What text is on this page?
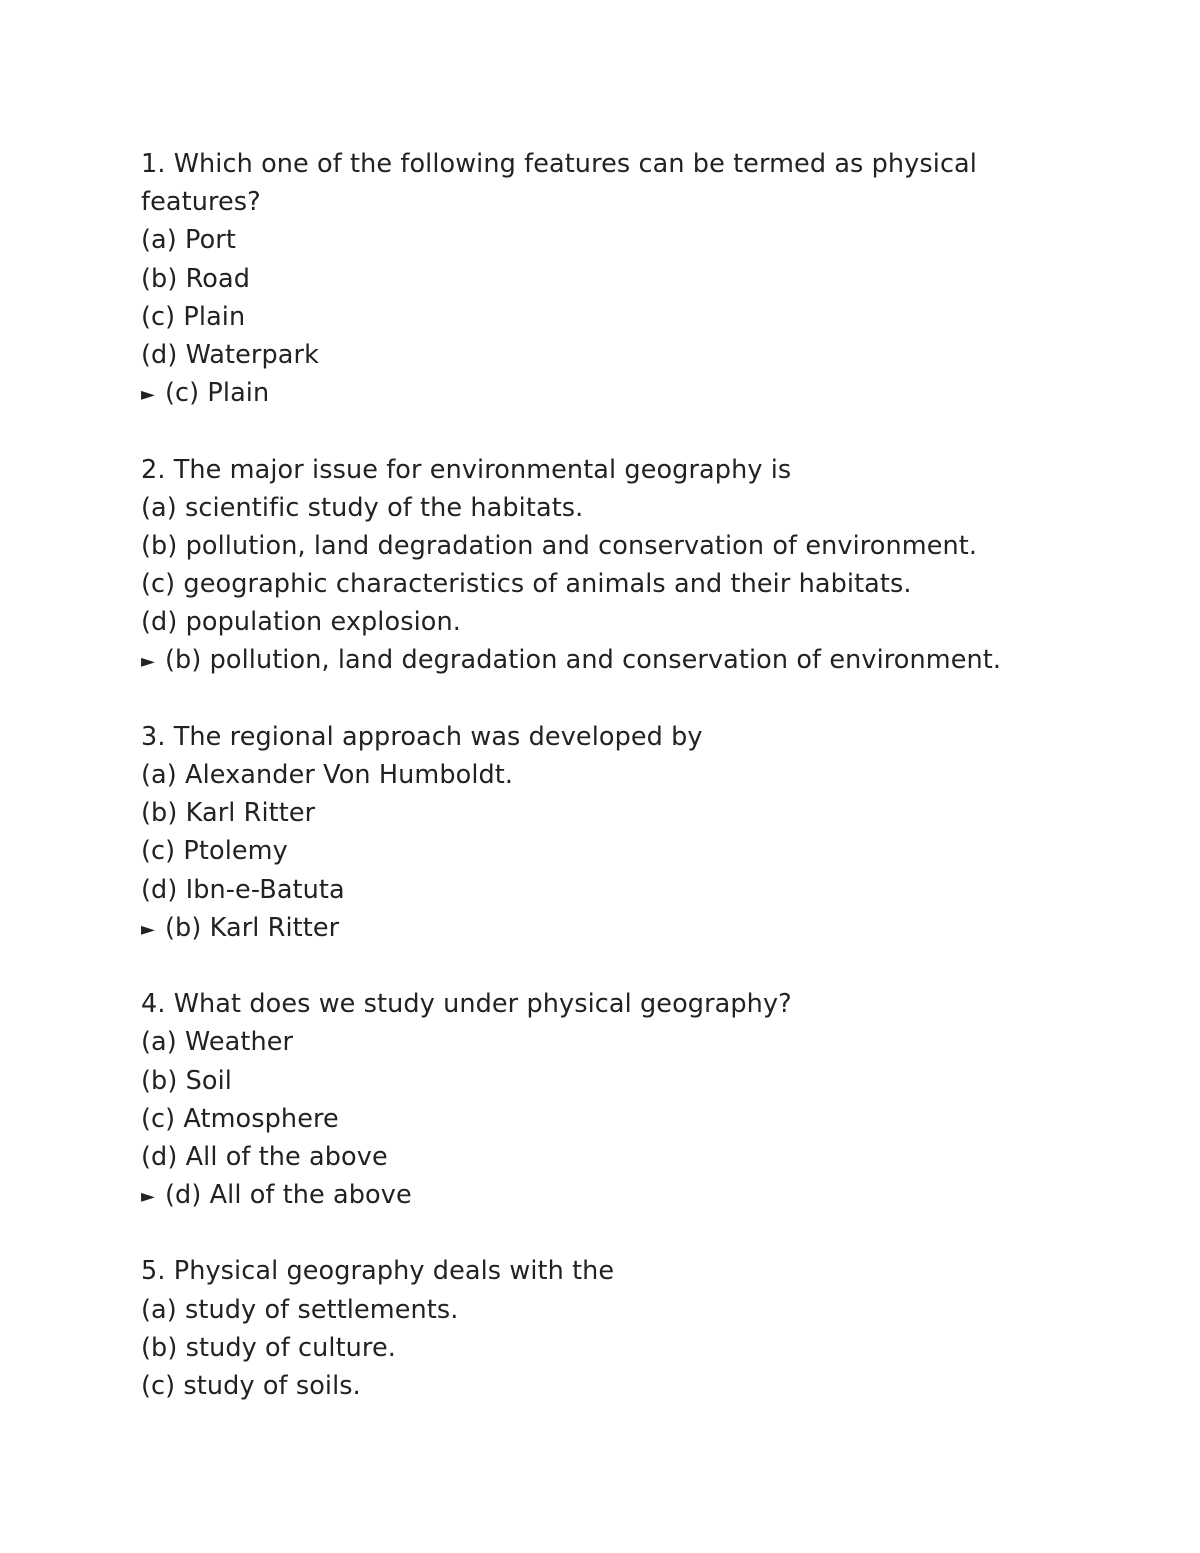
1. Which one of the following features can be termed as physical
features?
(a) Port
(b) Road
(c) Plain
(d) Waterpark
► (c) Plain
2. The major issue for environmental geography is
(a) scientific study of the habitats.
(b) pollution, land degradation and conservation of environment.
(c) geographic characteristics of animals and their habitats.
(d) population explosion.
► (b) pollution, land degradation and conservation of environment.
3. The regional approach was developed by
(a) Alexander Von Humboldt.
(b) Karl Ritter
(c) Ptolemy
(d) Ibn-e-Batuta
► (b) Karl Ritter
4. What does we study under physical geography?
(a) Weather
(b) Soil
(c) Atmosphere
(d) All of the above
► (d) All of the above
5. Physical geography deals with the
(a) study of settlements.
(b) study of culture.
(c) study of soils.
